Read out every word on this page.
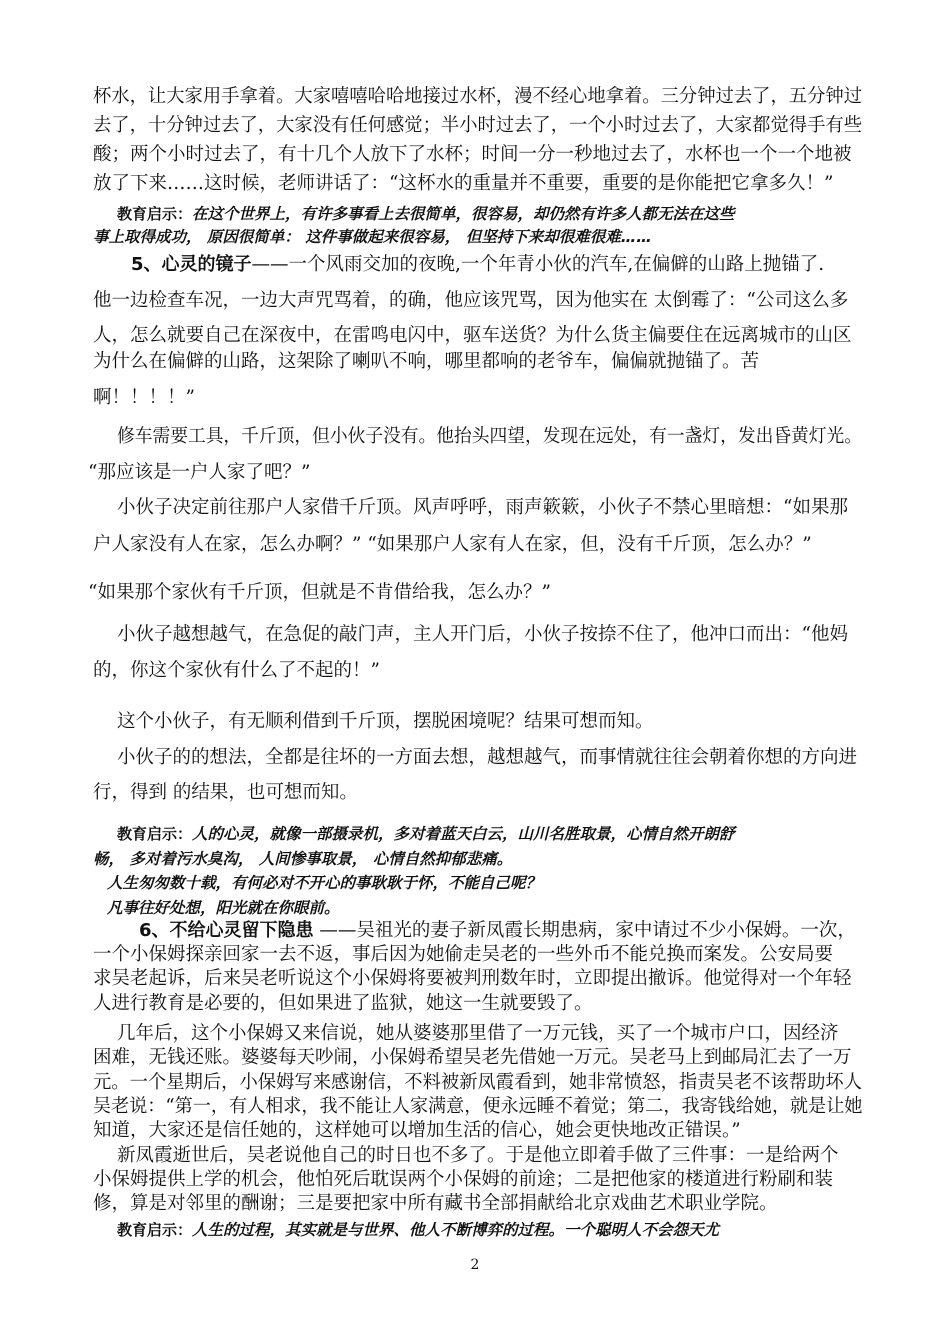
杯水，让大家用手拿着。大家嘻嘻哈哈地接过水杯，漫不经心地拿着。三分钟过去了，五分钟过
去了，十分钟过去了，大家没有任何感觉；半小时过去了，一个小时过去了，大家都觉得手有些
酸；两个小时过去了，有十几个人放下了水杯；时间一分一秒地过去了，水杯也一个一个地被
放了下来……这时候，老师讲话了：“这杯水的重量并不重要，重要的是你能把它拿多久！”
教育启示：在这个世界上，有许多事看上去很简单，很容易，却仍然有许多人都无法在这些
事上取得成功， 原因很简单： 这件事做起来很容易， 但坚持下来却很难很难……
5、心灵的镜子——一个风雨交加的夜晚,一个年青小伙的汽车,在偏僻的山路上抛锚了.
他一边检查车况，一边大声咒骂着，的确，他应该咒骂，因为他实在 太倒霉了：“公司这么多
人，怎么就要自己在深夜中，在雷鸣电闪中，驱车送货？为什么货主偏要住在远离城市的山区
为什么在偏僻的山路，这架除了喇叭不响，哪里都响的老爷车，偏偏就抛锚了。苦
啊！！！！”
修车需要工具，千斤顶，但小伙子没有。他抬头四望，发现在远处，有一盏灯，发出昏黄灯光。
“那应该是一户人家了吧？”
小伙子决定前往那户人家借千斤顶。风声呼呼，雨声簌簌，小伙子不禁心里暗想：“如果那
户人家没有人在家，怎么办啊？” “如果那户人家有人在家，但，没有千斤顶，怎么办？”
“如果那个家伙有千斤顶，但就是不肯借给我，怎么办？”
小伙子越想越气，在急促的敲门声，主人开门后，小伙子按捺不住了，他冲口而出：“他妈
的，你这个家伙有什么了不起的！”
这个小伙子，有无顺利借到千斤顶，摆脱困境呢？结果可想而知。
小伙子的的想法，全都是往坏的一方面去想，越想越气，而事情就往往会朝着你想的方向进
行，得到 的结果，也可想而知。
教育启示：人的心灵，就像一部摄录机，多对着蓝天白云，山川名胜取景，心情自然开朗舒
畅， 多对着污水臭沟， 人间惨事取景， 心情自然抑郁悲痛。
人生匆匆数十载，有何必对不开心的事耿耿于怀，不能自己呢？
凡事往好处想，阳光就在你眼前。
6、不给心灵留下隐患 ——吴祖光的妻子新凤霞长期患病，家中请过不少小保姆。一次，
一个小保姆探亲回家一去不返，事后因为她偷走吴老的一些外币不能兑换而案发。公安局要
求吴老起诉，后来吴老听说这个小保姆将要被判刑数年时，立即提出撤诉。他觉得对一个年轻
人进行教育是必要的，但如果进了监狱，她这一生就要毁了。
几年后，这个小保姆又来信说，她从婆婆那里借了一万元钱，买了一个城市户口，因经济
困难，无钱还账。婆婆每天吵闹，小保姆希望吴老先借她一万元。吴老马上到邮局汇去了一万
元。一个星期后，小保姆写来感谢信，不料被新凤霞看到，她非常愤怒，指责吴老不该帮助坏人
吴老说：“第一，有人相求，我不能让人家满意，便永远睡不着觉；第二，我寄钱给她，就是让她
知道，大家还是信任她的，这样她可以增加生活的信心，她会更快地改正错误。”
新凤霞逝世后，吴老说他自己的时日也不多了。于是他立即着手做了三件事：一是给两个
小保姆提供上学的机会，他怕死后耽误两个小保姆的前途；二是把他家的楼道进行粉刷和装
修，算是对邻里的酬谢；三是要把家中所有藏书全部捐献给北京戏曲艺术职业学院。
教育启示：人生的过程，其实就是与世界、他人不断博弈的过程。一个聪明人不会怨天尤
2
